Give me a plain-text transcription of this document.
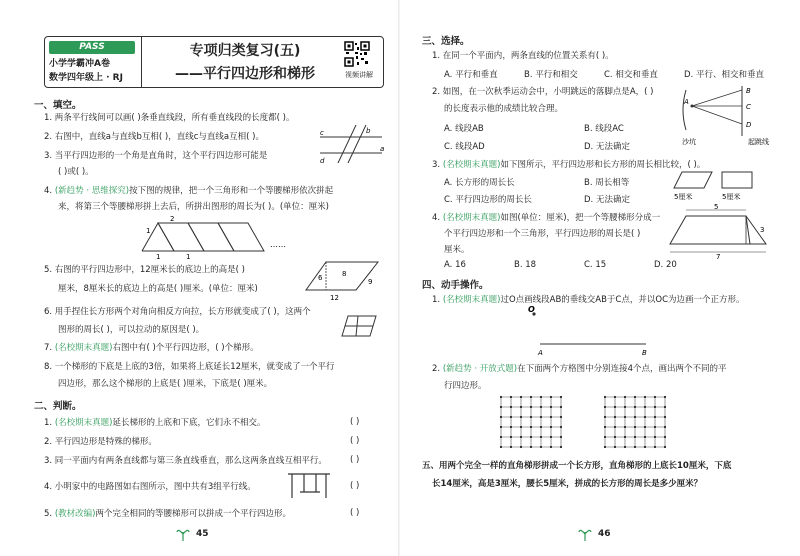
PASS
小学学霸冲A卷
数学四年级上 · RJ
专项归类复习(五)
——平行四边形和梯形	视频讲解
一、填空。
1. 两条平行线间可以画( )条垂直线段，所有垂直线段的长度都( )。
2. 右图中，直线a与直线b互相( )，直线c与直线a互相( )。	c
a
b
d
3. 当平行四边形的一个角是直角时，这个平行四边形可能是
( )或( )。
4. (新趋势 · 思维探究)按下图的规律，把一个三角形和一个等腰梯形依次拼起
来，将第三个等腰梯形拼上去后，所拼出图形的周长为( )。(单位：厘米)
1
2
1	1
……
5. 右图的平行四边形中，12厘米长的底边上的高是( )
厘米，8厘米长的底边上的高是( )厘米。(单位：厘米)
6	8
9
12
6. 用手捏住长方形两个对角向相反方向拉，长方形就变成了( )，这两个
图形的周长( )，可以拉动的原因是( )。
7. (名校期末真题)右图中有( )个平行四边形，( )个梯形。
8. 一个梯形的下底是上底的3倍，如果将上底延长12厘米，就变成了一个平行
四边形，那么这个梯形的上底是( )厘米，下底是( )厘米。
二、判断。
1. (名校期末真题)延长梯形的上底和下底，它们永不相交。	( )
2. 平行四边形是特殊的梯形。	( )
3. 同一平面内有两条直线都与第三条直线垂直，那么这两条直线互相平行。	( )
4. 小明家中的电路图如右图所示，图中共有3组平行线。	( )
5. (教材改编)两个完全相同的等腰梯形可以拼成一个平行四边形。	( )
45
三、选择。
1. 在同一个平面内，两条直线的位置关系有( )。
A. 平行和垂直	B. 平行和相交	C. 相交和垂直	D. 平行、相交和垂直
2. 如图，在一次秋季运动会中，小明跳远的落脚点是A，( )
的长度表示他的成绩比较合理。
A. 线段AB	B. 线段AC
C. 线段AD	D. 无法确定
A
B
C
D
沙坑	起跳线
3. (名校期末真题)如下图所示，平行四边形和长方形的周长相比较，( )。
A. 长方形的周长长	B. 周长相等
C. 平行四边形的周长长	D. 无法确定	5厘米	5厘米
4. (名校期末真题)如图(单位：厘米)，把一个等腰梯形分成一
个平行四边形和一个三角形，平行四边形的周长是( )
厘米。
A. 16	B. 18	C. 15	D. 20
5
3
7
四、动手操作。
1. (名校期末真题)过O点画线段AB的垂线交AB于C点，并以OC为边画一个正方形。
O
A	B
2. (新趋势 · 开放式题)在下面两个方格图中分别连接4个点，画出两个不同的平
行四边形。
五、用两个完全一样的直角梯形拼成一个长方形，直角梯形的上底长10厘米，下底
长14厘米，高是3厘米，腰长5厘米，拼成的长方形的周长是多少厘米？
46
